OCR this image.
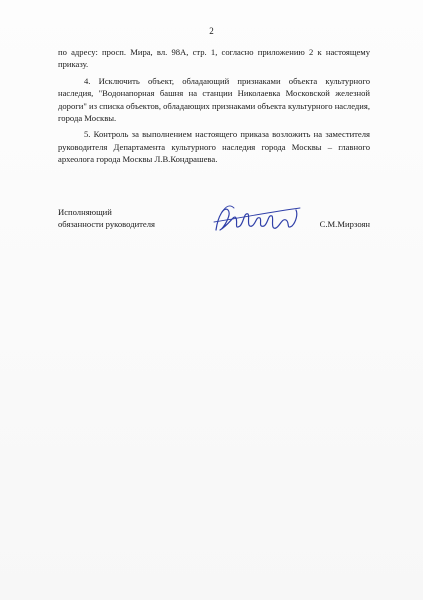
2

по адресу: просп. Мира, вл. 98А, стр. 1, согласно приложению 2 к настоящему приказу.

4. Исключить объект, обладающий признаками объекта культурного наследия, "Водонапорная башня на станции Николаевка Московской железной дороги" из списка объектов, обладающих признаками объекта культурного наследия, города Москвы.

5. Контроль за выполнением настоящего приказа возложить на заместителя руководителя Департамента культурного наследия города Москвы – главного археолога города Москвы Л.В.Кондрашева.

Исполняющий
обязанности руководителя	С.М.Мирзоян
